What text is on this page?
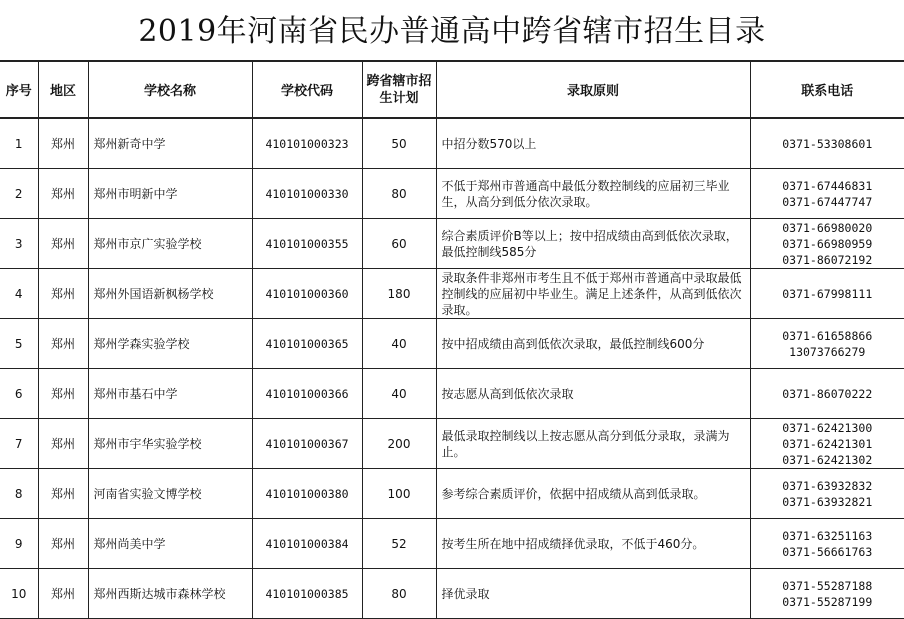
2019年河南省民办普通高中跨省辖市招生目录
序号	地区	学校名称	学校代码	跨省辖市招生计划	录取原则	联系电话
1	郑州	郑州新奇中学	410101000323	50	中招分数570以上	0371-53308601

2	郑州	郑州市明新中学	410101000330	80	不低于郑州市普通高中最低分数控制线的应届初三毕业生，从高分到低分依次录取。	0371-67446831
0371-67447747

3	郑州	郑州市京广实验学校	410101000355	60	综合素质评价B等以上；按中招成绩由高到低依次录取，最低控制线585分	0371-66980020
0371-66980959
0371-86072192

4	郑州	郑州外国语新枫杨学校	410101000360	180	录取条件非郑州市考生且不低于郑州市普通高中录取最低控制线的应届初中毕业生。满足上述条件，从高到低依次录取。	0371-67998111

5	郑州	郑州学森实验学校	410101000365	40	按中招成绩由高到低依次录取，最低控制线600分	0371-61658866
13073766279

6	郑州	郑州市基石中学	410101000366	40	按志愿从高到低依次录取	0371-86070222

7	郑州	郑州市宇华实验学校	410101000367	200	最低录取控制线以上按志愿从高分到低分录取，录满为止。	0371-62421300
0371-62421301
0371-62421302

8	郑州	河南省实验文博学校	410101000380	100	参考综合素质评价，依据中招成绩从高到低录取。	0371-63932832
0371-63932821

9	郑州	郑州尚美中学	410101000384	52	按考生所在地中招成绩择优录取，不低于460分。	0371-63251163
0371-56661763

10	郑州	郑州西斯达城市森林学校	410101000385	80	择优录取	0371-55287188
0371-55287199
